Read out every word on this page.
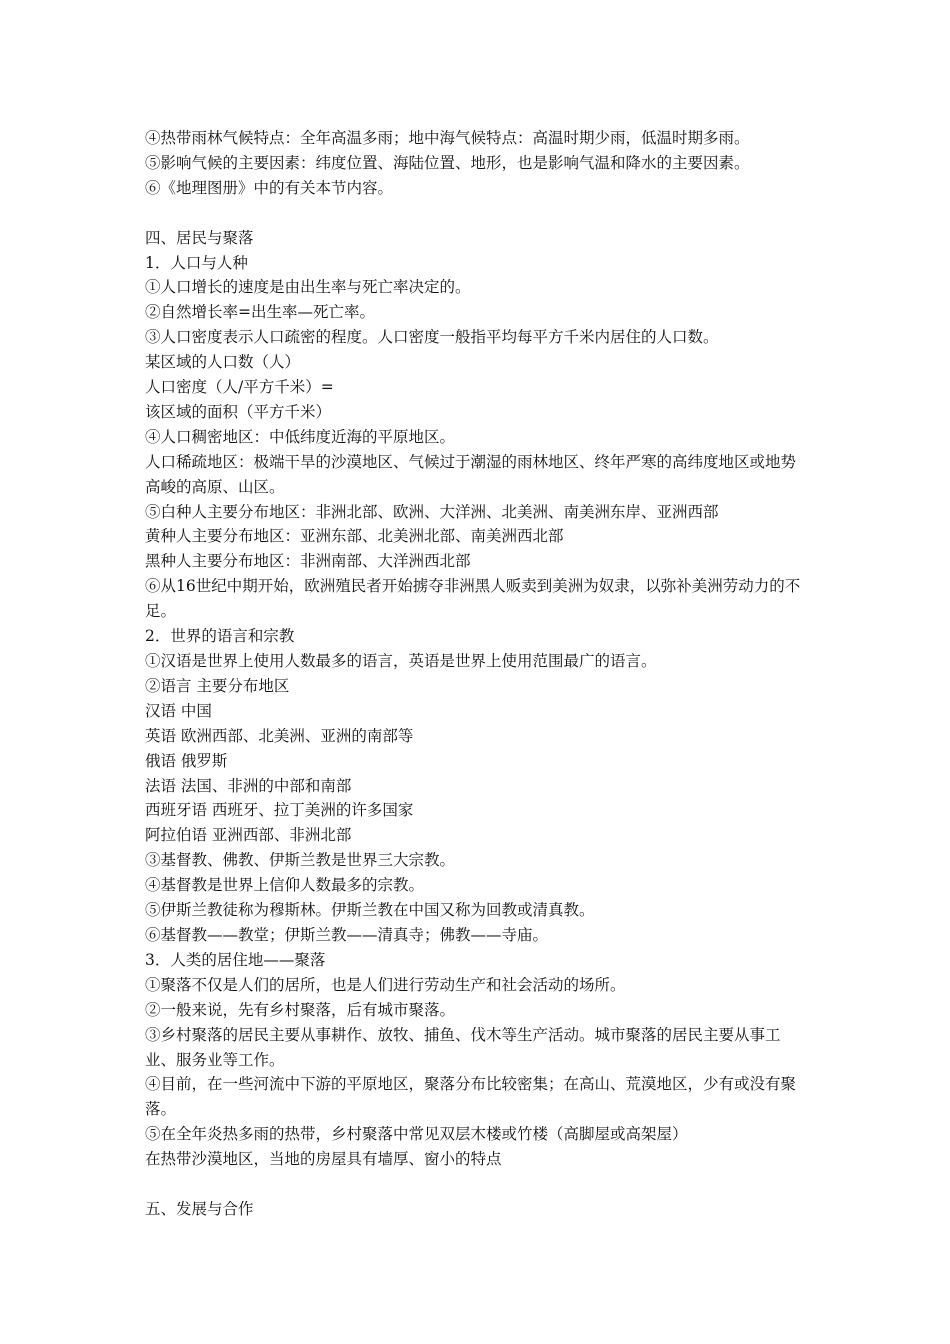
④热带雨林气候特点：全年高温多雨；地中海气候特点：高温时期少雨，低温时期多雨。
⑤影响气候的主要因素：纬度位置、海陆位置、地形，也是影响气温和降水的主要因素。
⑥《地理图册》中的有关本节内容。
四、居民与聚落
1．人口与人种
①人口增长的速度是由出生率与死亡率决定的。
②自然增长率=出生率—死亡率。
③人口密度表示人口疏密的程度。人口密度一般指平均每平方千米内居住的人口数。
某区域的人口数（人）
人口密度（人/平方千米）=
该区域的面积（平方千米）
④人口稠密地区：中低纬度近海的平原地区。
人口稀疏地区：极端干旱的沙漠地区、气候过于潮湿的雨林地区、终年严寒的高纬度地区或地势高峻的高原、山区。
⑤白种人主要分布地区：非洲北部、欧洲、大洋洲、北美洲、南美洲东岸、亚洲西部
黄种人主要分布地区：亚洲东部、北美洲北部、南美洲西北部
黑种人主要分布地区：非洲南部、大洋洲西北部
⑥从16世纪中期开始，欧洲殖民者开始掳夺非洲黑人贩卖到美洲为奴隶，以弥补美洲劳动力的不足。
2．世界的语言和宗教
①汉语是世界上使用人数最多的语言，英语是世界上使用范围最广的语言。
②语言 主要分布地区
汉语 中国
英语 欧洲西部、北美洲、亚洲的南部等
俄语 俄罗斯
法语 法国、非洲的中部和南部
西班牙语 西班牙、拉丁美洲的许多国家
阿拉伯语 亚洲西部、非洲北部
③基督教、佛教、伊斯兰教是世界三大宗教。
④基督教是世界上信仰人数最多的宗教。
⑤伊斯兰教徒称为穆斯林。伊斯兰教在中国又称为回教或清真教。
⑥基督教——教堂；伊斯兰教——清真寺；佛教——寺庙。
3．人类的居住地——聚落
①聚落不仅是人们的居所，也是人们进行劳动生产和社会活动的场所。
②一般来说，先有乡村聚落，后有城市聚落。
③乡村聚落的居民主要从事耕作、放牧、捕鱼、伐木等生产活动。城市聚落的居民主要从事工业、服务业等工作。
④目前，在一些河流中下游的平原地区，聚落分布比较密集；在高山、荒漠地区，少有或没有聚落。
⑤在全年炎热多雨的热带，乡村聚落中常见双层木楼或竹楼（高脚屋或高架屋）
在热带沙漠地区，当地的房屋具有墙厚、窗小的特点
五、发展与合作
